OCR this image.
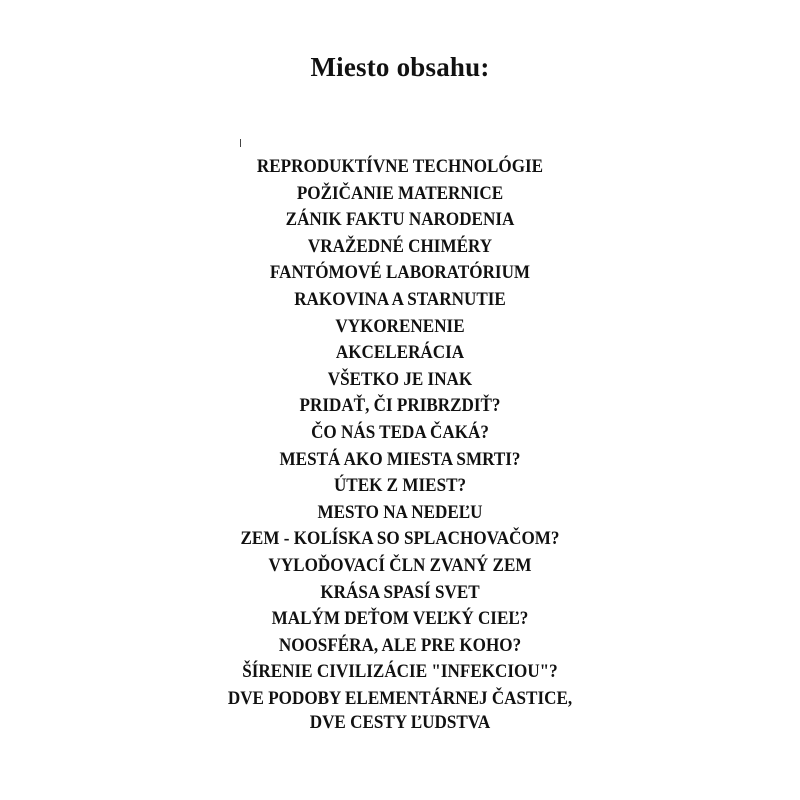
Miesto obsahu:
REPRODUKTÍVNE TECHNOLÓGIE
POŽIČANIE MATERNICE
ZÁNIK FAKTU NARODENIA
VRAŽEDNÉ CHIMÉRY
FANTÓMOVÉ LABORATÓRIUM
RAKOVINA A STARNUTIE
VYKORENENIE
AKCELERÁCIA
VŠETKO JE INAK
PRIDAŤ, ČI PRIBRZDIŤ?
ČO NÁS TEDA ČAKÁ?
MESTÁ AKO MIESTA SMRTI?
ÚTEK Z MIEST?
MESTO NA NEDEĽU
ZEM - KOLÍSKA SO SPLACHOVAČOM?
VYLOĎOVACÍ ČLN ZVANÝ ZEM
KRÁSA SPASÍ SVET
MALÝM DEŤOM VEĽKÝ CIEĽ?
NOOSFÉRA, ALE PRE KOHO?
ŠÍRENIE CIVILIZÁCIE "INFEKCIOU"?
DVE PODOBY ELEMENTÁRNEJ ČASTICE,
DVE CESTY ĽUDSTVA
